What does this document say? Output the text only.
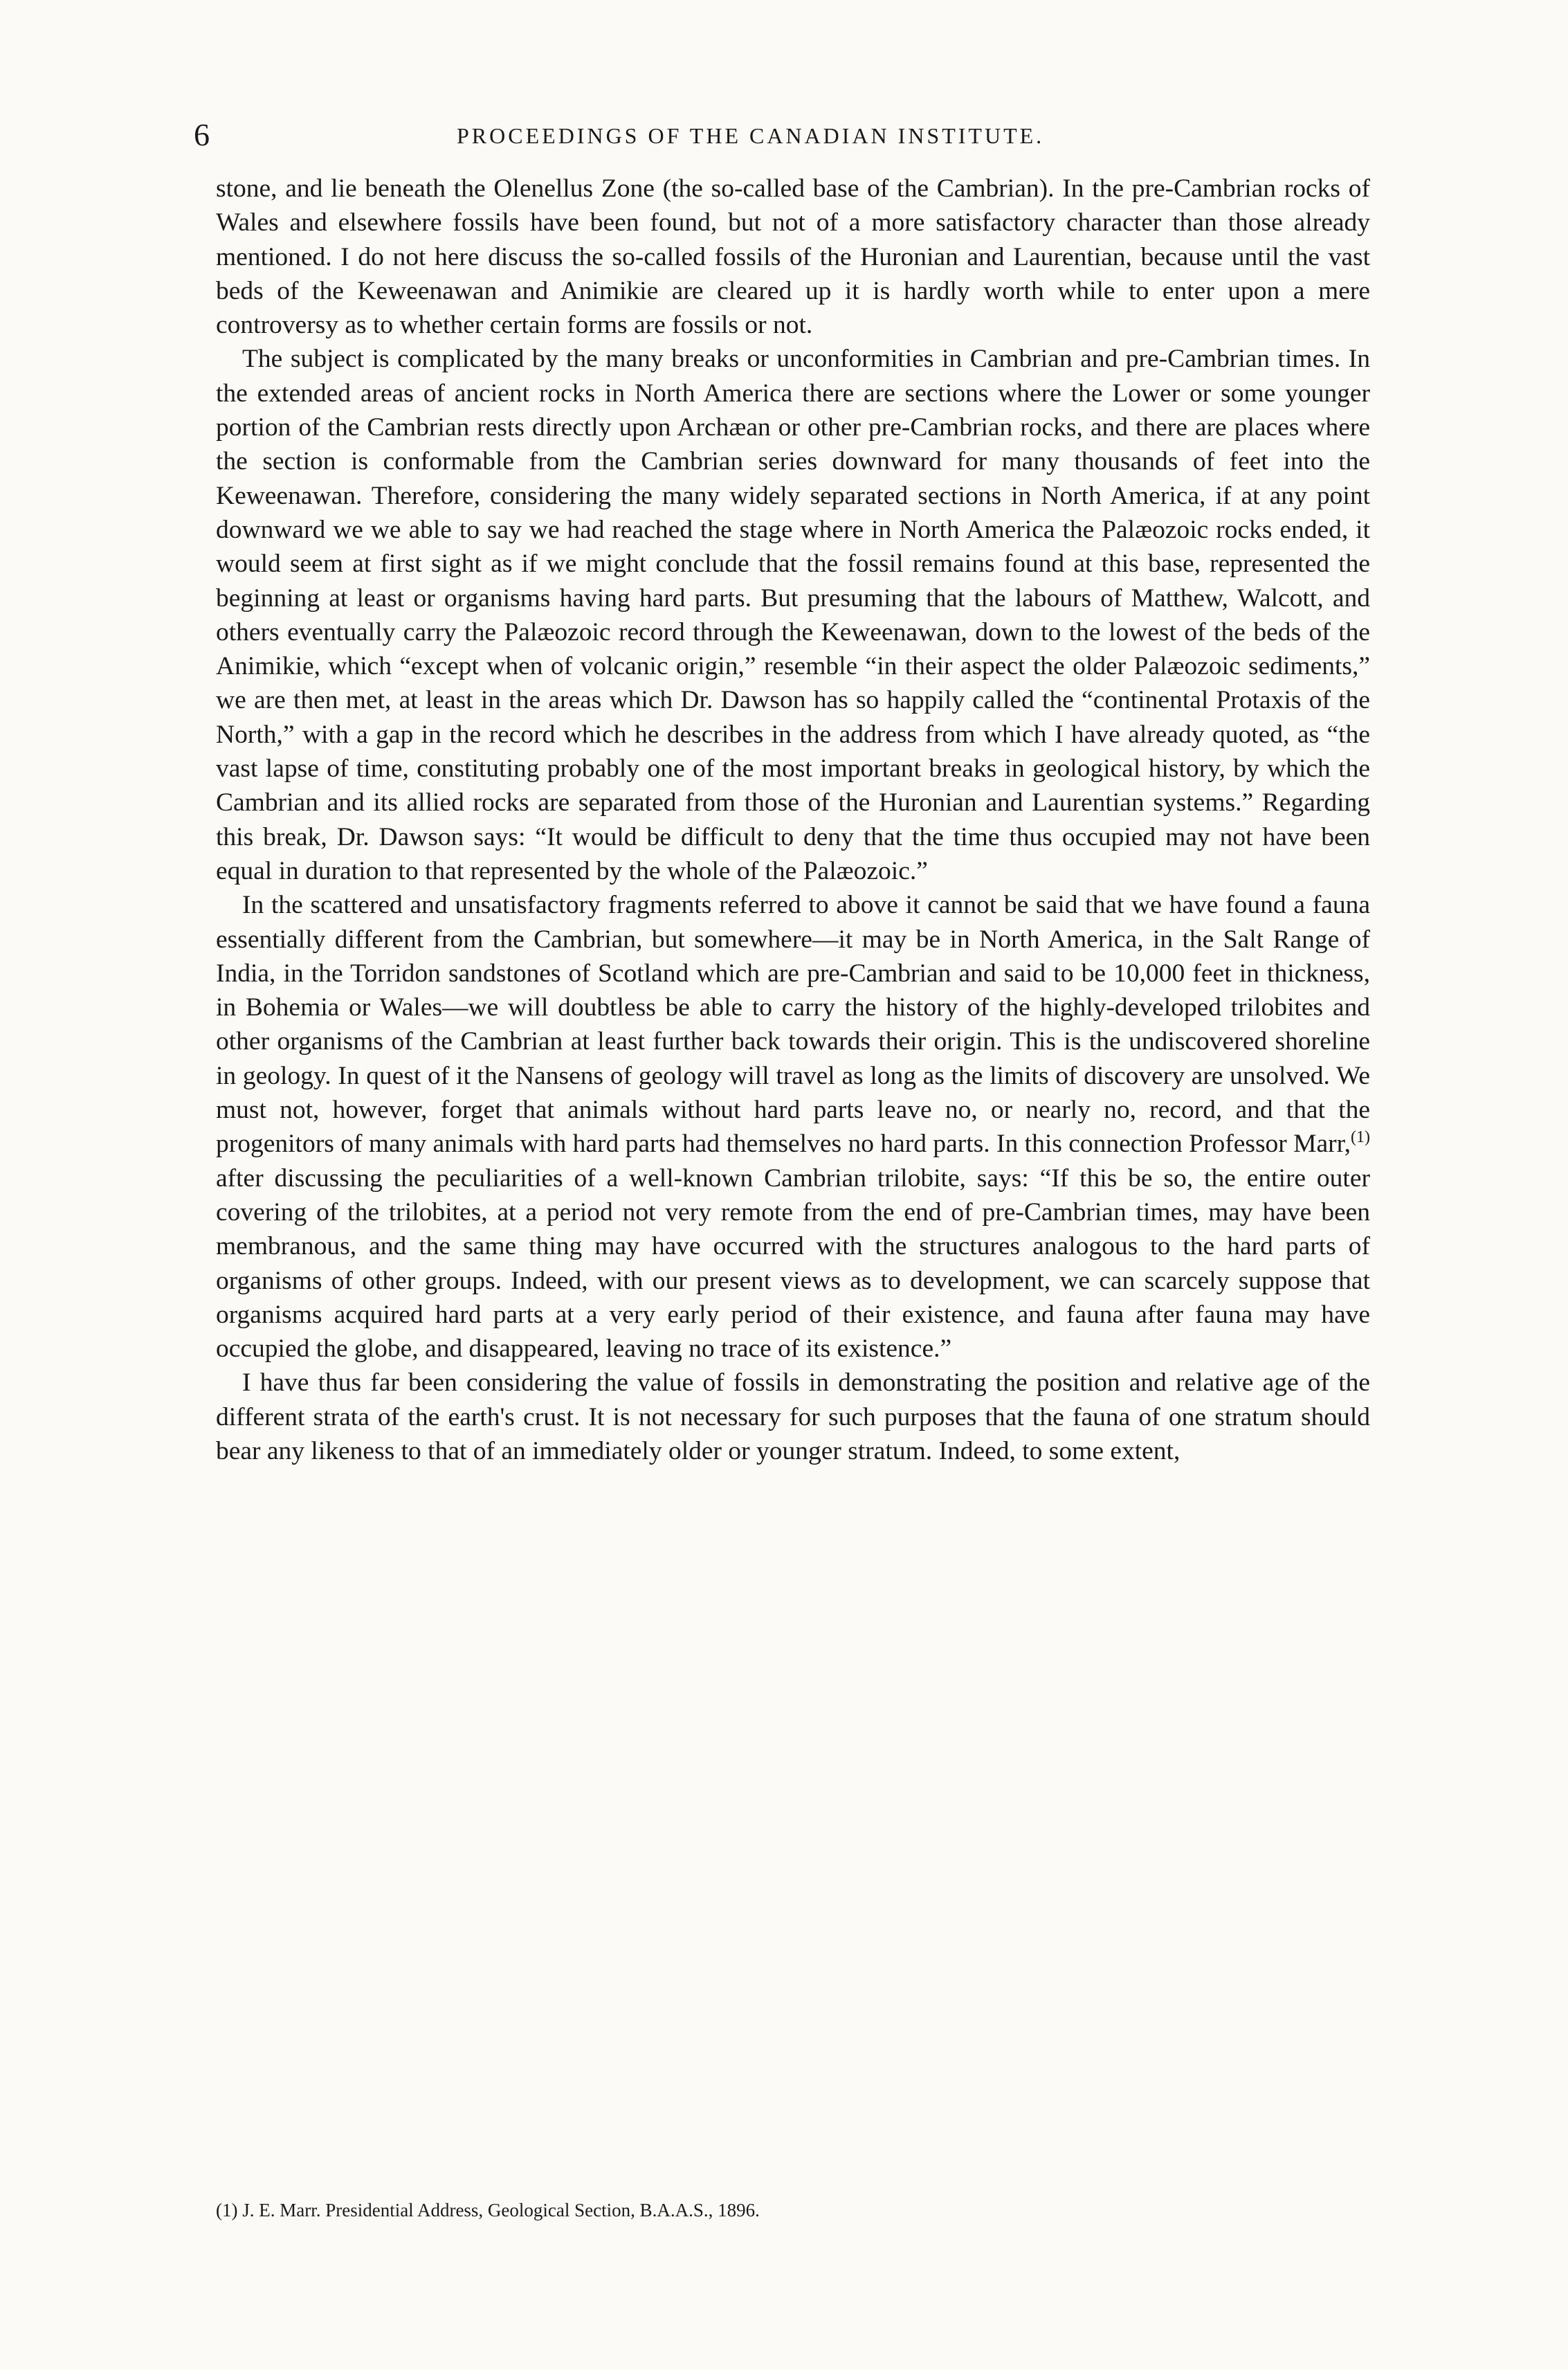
6	PROCEEDINGS OF THE CANADIAN INSTITUTE.

stone, and lie beneath the Olenellus Zone (the so-called base of the Cambrian). In the pre-Cambrian rocks of Wales and elsewhere fossils have been found, but not of a more satisfactory character than those already mentioned. I do not here discuss the so-called fossils of the Huronian and Laurentian, because until the vast beds of the Keweenawan and Animikie are cleared up it is hardly worth while to enter upon a mere controversy as to whether certain forms are fossils or not.

The subject is complicated by the many breaks or unconformities in Cambrian and pre-Cambrian times. In the extended areas of ancient rocks in North America there are sections where the Lower or some younger portion of the Cambrian rests directly upon Archæan or other pre-Cambrian rocks, and there are places where the section is conformable from the Cambrian series downward for many thousands of feet into the Keweenawan. Therefore, considering the many widely separated sections in North America, if at any point downward we we able to say we had reached the stage where in North America the Palæozoic rocks ended, it would seem at first sight as if we might conclude that the fossil remains found at this base, represented the beginning at least or organisms having hard parts. But presuming that the labours of Matthew, Walcott, and others eventually carry the Palæozoic record through the Keweenawan, down to the lowest of the beds of the Animikie, which “except when of volcanic origin,” resemble “in their aspect the older Palæozoic sediments,” we are then met, at least in the areas which Dr. Dawson has so happily called the “continental Protaxis of the North,” with a gap in the record which he describes in the address from which I have already quoted, as “the vast lapse of time, constituting probably one of the most important breaks in geological history, by which the Cambrian and its allied rocks are separated from those of the Huronian and Laurentian systems.” Regarding this break, Dr. Dawson says: “It would be difficult to deny that the time thus occupied may not have been equal in duration to that represented by the whole of the Palæozoic.”

In the scattered and unsatisfactory fragments referred to above it cannot be said that we have found a fauna essentially different from the Cambrian, but somewhere—it may be in North America, in the Salt Range of India, in the Torridon sandstones of Scotland which are pre-Cambrian and said to be 10,000 feet in thickness, in Bohemia or Wales—we will doubtless be able to carry the history of the highly-developed trilobites and other organisms of the Cambrian at least further back towards their origin. This is the undiscovered shoreline in geology. In quest of it the Nansens of geology will travel as long as the limits of discovery are unsolved. We must not, however, forget that animals without hard parts leave no, or nearly no, record, and that the progenitors of many animals with hard parts had themselves no hard parts. In this connection Professor Marr,$^{(1)}$ after discussing the peculiarities of a well-known Cambrian trilobite, says: “If this be so, the entire outer covering of the trilobites, at a period not very remote from the end of pre-Cambrian times, may have been membranous, and the same thing may have occurred with the structures analogous to the hard parts of organisms of other groups. Indeed, with our present views as to development, we can scarcely suppose that organisms acquired hard parts at a very early period of their existence, and fauna after fauna may have occupied the globe, and disappeared, leaving no trace of its existence.”

I have thus far been considering the value of fossils in demonstrating the position and relative age of the different strata of the earth's crust. It is not necessary for such purposes that the fauna of one stratum should bear any likeness to that of an immediately older or younger stratum. Indeed, to some extent,

(1) J. E. Marr. Presidential Address, Geological Section, B.A.A.S., 1896.
